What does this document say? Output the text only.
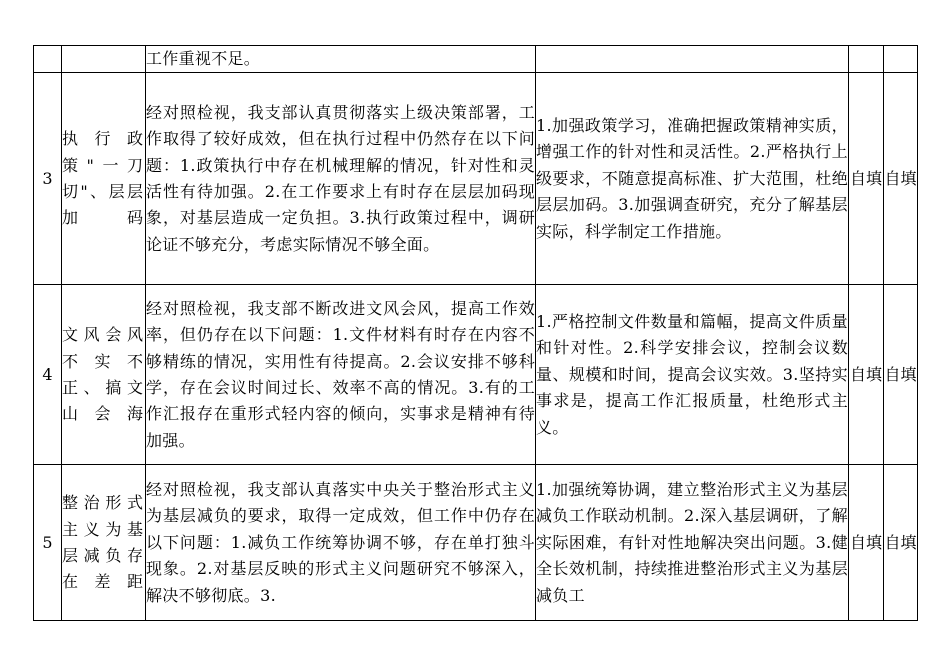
		工作重视不足。			
3	执行政策"一刀切"、层层加码	经对照检视，我支部认真贯彻落实上级决策部署，工作取得了较好成效，但在执行过程中仍然存在以下问题：1.政策执行中存在机械理解的情况，针对性和灵活性有待加强。2.在工作要求上有时存在层层加码现象，对基层造成一定负担。3.执行政策过程中，调研论证不够充分，考虑实际情况不够全面。	1.加强政策学习，准确把握政策精神实质，增强工作的针对性和灵活性。2.严格执行上级要求，不随意提高标准、扩大范围，杜绝层层加码。3.加强调查研究，充分了解基层实际，科学制定工作措施。	自填	自填
4	文风会风不实不正、搞文山会海	经对照检视，我支部不断改进文风会风，提高工作效率，但仍存在以下问题：1.文件材料有时存在内容不够精练的情况，实用性有待提高。2.会议安排不够科学，存在会议时间过长、效率不高的情况。3.有的工作汇报存在重形式轻内容的倾向，实事求是精神有待加强。	1.严格控制文件数量和篇幅，提高文件质量和针对性。2.科学安排会议，控制会议数量、规模和时间，提高会议实效。3.坚持实事求是，提高工作汇报质量，杜绝形式主义。	自填	自填
5	整治形式主义为基层减负存在差距	经对照检视，我支部认真落实中央关于整治形式主义为基层减负的要求，取得一定成效，但工作中仍存在以下问题：1.减负工作统筹协调不够，存在单打独斗现象。2.对基层反映的形式主义问题研究不够深入，解决不够彻底。3.	1.加强统筹协调，建立整治形式主义为基层减负工作联动机制。2.深入基层调研，了解实际困难，有针对性地解决突出问题。3.健全长效机制，持续推进整治形式主义为基层减负工	自填	自填
